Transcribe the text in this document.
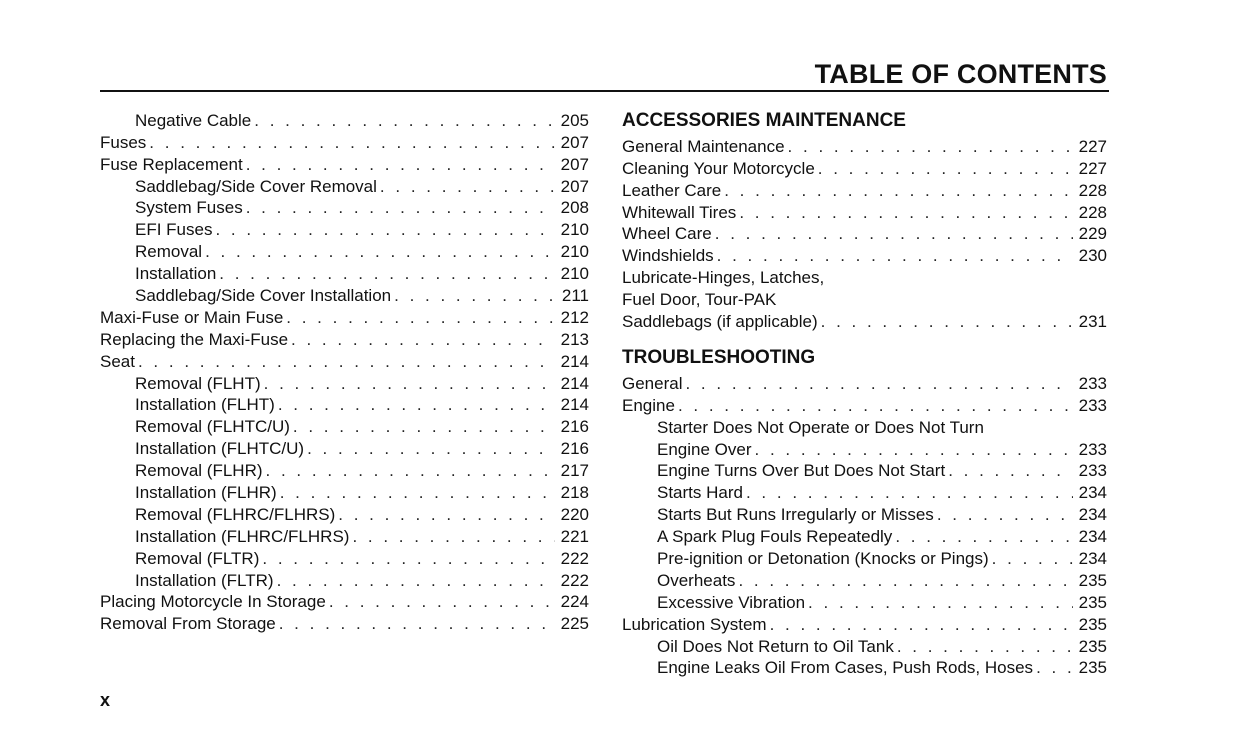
TABLE OF CONTENTS
Negative Cable . . .	205
Fuses . . .	207
Fuse Replacement . . .	207
Saddlebag/Side Cover Removal . . .	207
System Fuses . . .	208
EFI Fuses . . .	210
Removal . . .	210
Installation . . .	210
Saddlebag/Side Cover Installation . . .	211
Maxi-Fuse or Main Fuse . . .	212
Replacing the Maxi-Fuse . . .	213
Seat . . .	214
Removal (FLHT) . . .	214
Installation (FLHT) . . .	214
Removal (FLHTC/U) . . .	216
Installation (FLHTC/U) . . .	216
Removal (FLHR) . . .	217
Installation (FLHR) . . .	218
Removal (FLHRC/FLHRS) . . .	220
Installation (FLHRC/FLHRS) . . .	221
Removal (FLTR) . . .	222
Installation (FLTR) . . .	222
Placing Motorcycle In Storage . . .	224
Removal From Storage . . .	225
ACCESSORIES MAINTENANCE
General Maintenance . . .	227
Cleaning Your Motorcycle . . .	227
Leather Care . . .	228
Whitewall Tires . . .	228
Wheel Care . . .	229
Windshields . . .	230
Lubricate-Hinges, Latches,
Fuel Door, Tour-PAK
Saddlebags (if applicable) . . .	231
TROUBLESHOOTING
General . . .	233
Engine . . .	233
Starter Does Not Operate or Does Not Turn
Engine Over . . .	233
Engine Turns Over But Does Not Start . . .	233
Starts Hard . . .	234
Starts But Runs Irregularly or Misses . . .	234
A Spark Plug Fouls Repeatedly . . .	234
Pre-ignition or Detonation (Knocks or Pings) . . .	234
Overheats . . .	235
Excessive Vibration . . .	235
Lubrication System . . .	235
Oil Does Not Return to Oil Tank . . .	235
Engine Leaks Oil From Cases, Push Rods, Hoses . . .	235
x
